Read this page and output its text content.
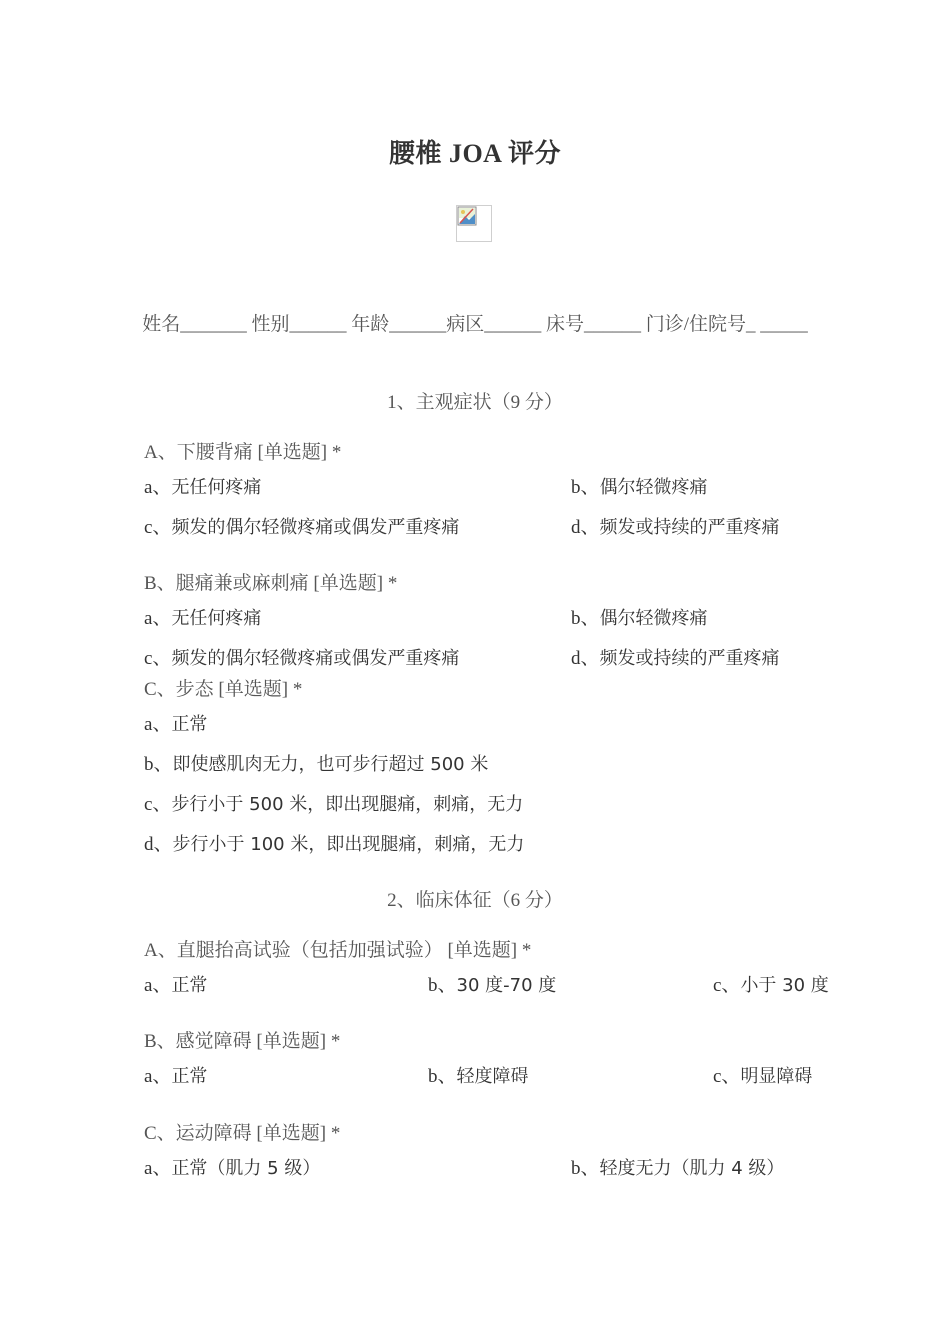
腰椎 JOA 评分
姓名_______ 性别______ 年龄______病区______ 床号______ 门诊/住院号_ _____
1、主观症状（9 分）
A、下腰背痛 [单选题] *
a、无任何疼痛	b、偶尔轻微疼痛
c、频发的偶尔轻微疼痛或偶发严重疼痛	d、频发或持续的严重疼痛
B、腿痛兼或麻刺痛 [单选题] *
a、无任何疼痛	b、偶尔轻微疼痛
c、频发的偶尔轻微疼痛或偶发严重疼痛	d、频发或持续的严重疼痛
C、步态 [单选题] *
a、正常
b、即使感肌肉无力，也可步行超过 500 米
c、步行小于 500 米，即出现腿痛，刺痛，无力
d、步行小于 100 米，即出现腿痛，刺痛，无力
2、临床体征（6 分）
A、直腿抬高试验（包括加强试验） [单选题] *
a、正常	b、30 度-70 度	c、小于 30 度
B、感觉障碍 [单选题] *
a、正常	b、轻度障碍	c、明显障碍
C、运动障碍 [单选题] *
a、正常（肌力 5 级）	b、轻度无力（肌力 4 级）
